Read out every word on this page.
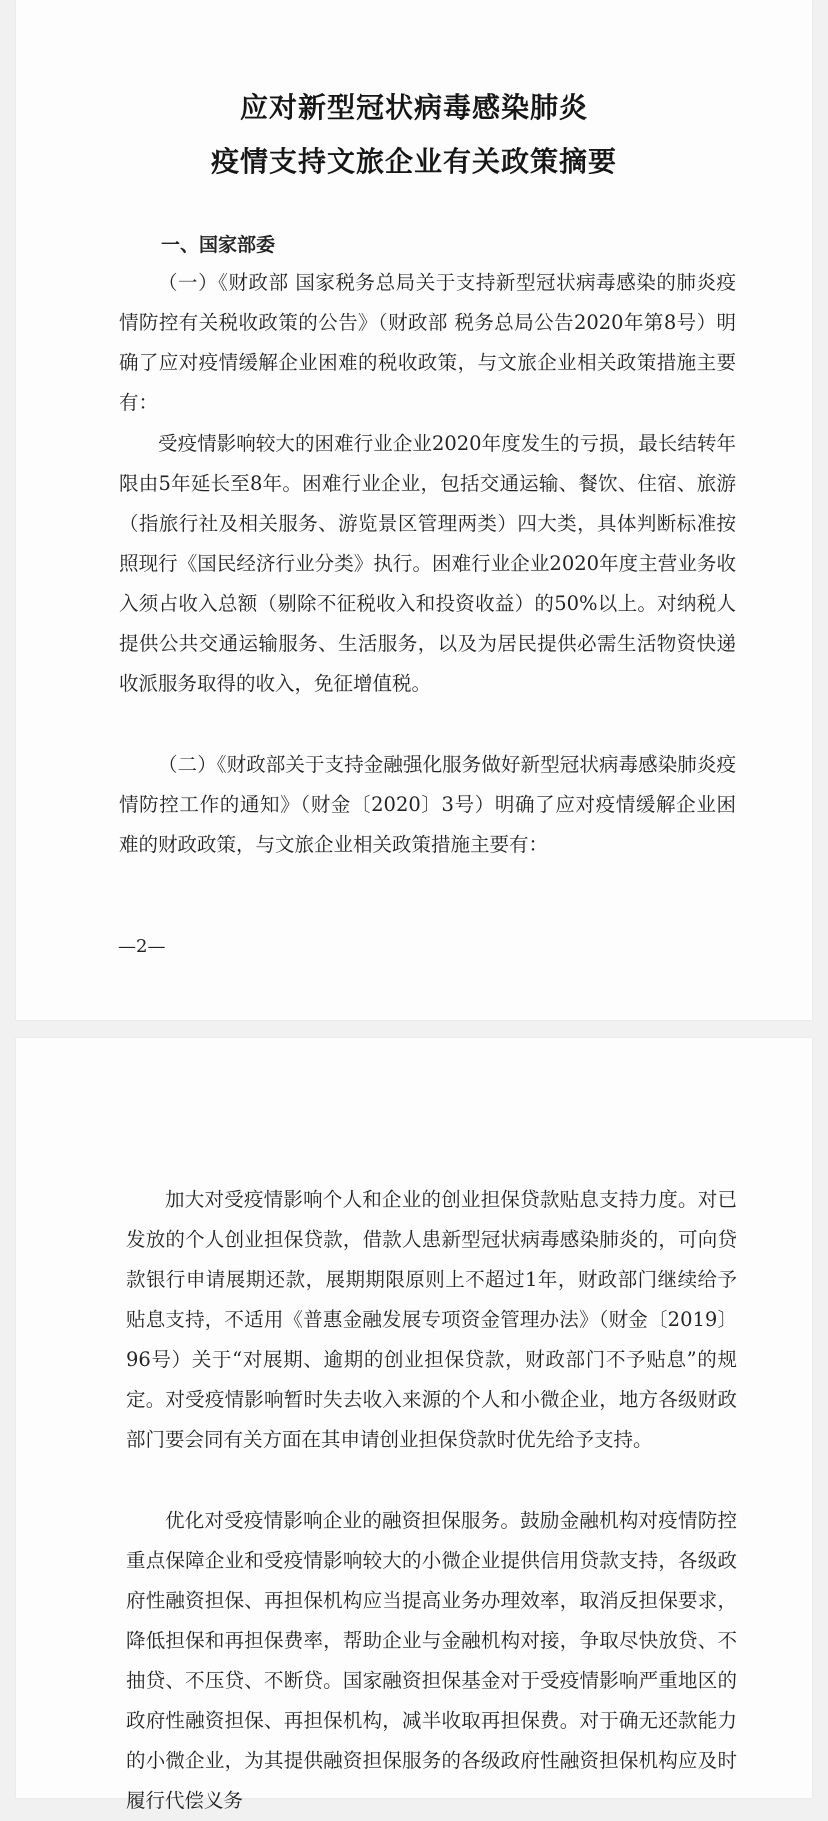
应对新型冠状病毒感染肺炎
疫情支持文旅企业有关政策摘要
一、国家部委

（一）《财政部 国家税务总局关于支持新型冠状病毒感染的肺炎疫情防控有关税收政策的公告》（财政部 税务总局公告2020年第8号）明确了应对疫情缓解企业困难的税收政策，与文旅企业相关政策措施主要有：

受疫情影响较大的困难行业企业2020年度发生的亏损，最长结转年限由5年延长至8年。困难行业企业，包括交通运输、餐饮、住宿、旅游（指旅行社及相关服务、游览景区管理两类）四大类，具体判断标准按照现行《国民经济行业分类》执行。困难行业企业2020年度主营业务收入须占收入总额（剔除不征税收入和投资收益）的50%以上。对纳税人提供公共交通运输服务、生活服务，以及为居民提供必需生活物资快递收派服务取得的收入，免征增值税。

（二）《财政部关于支持金融强化服务做好新型冠状病毒感染肺炎疫情防控工作的通知》（财金〔2020〕3号）明确了应对疫情缓解企业困难的财政政策，与文旅企业相关政策措施主要有：

—2—

加大对受疫情影响个人和企业的创业担保贷款贴息支持力度。对已发放的个人创业担保贷款，借款人患新型冠状病毒感染肺炎的，可向贷款银行申请展期还款，展期期限原则上不超过1年，财政部门继续给予贴息支持，不适用《普惠金融发展专项资金管理办法》（财金〔2019〕96号）关于“对展期、逾期的创业担保贷款，财政部门不予贴息”的规定。对受疫情影响暂时失去收入来源的个人和小微企业，地方各级财政部门要会同有关方面在其申请创业担保贷款时优先给予支持。

优化对受疫情影响企业的融资担保服务。鼓励金融机构对疫情防控重点保障企业和受疫情影响较大的小微企业提供信用贷款支持，各级政府性融资担保、再担保机构应当提高业务办理效率，取消反担保要求，降低担保和再担保费率，帮助企业与金融机构对接，争取尽快放贷、不抽贷、不压贷、不断贷。国家融资担保基金对于受疫情影响严重地区的政府性融资担保、再担保机构，减半收取再担保费。对于确无还款能力的小微企业，为其提供融资担保服务的各级政府性融资担保机构应及时履行代偿义务
